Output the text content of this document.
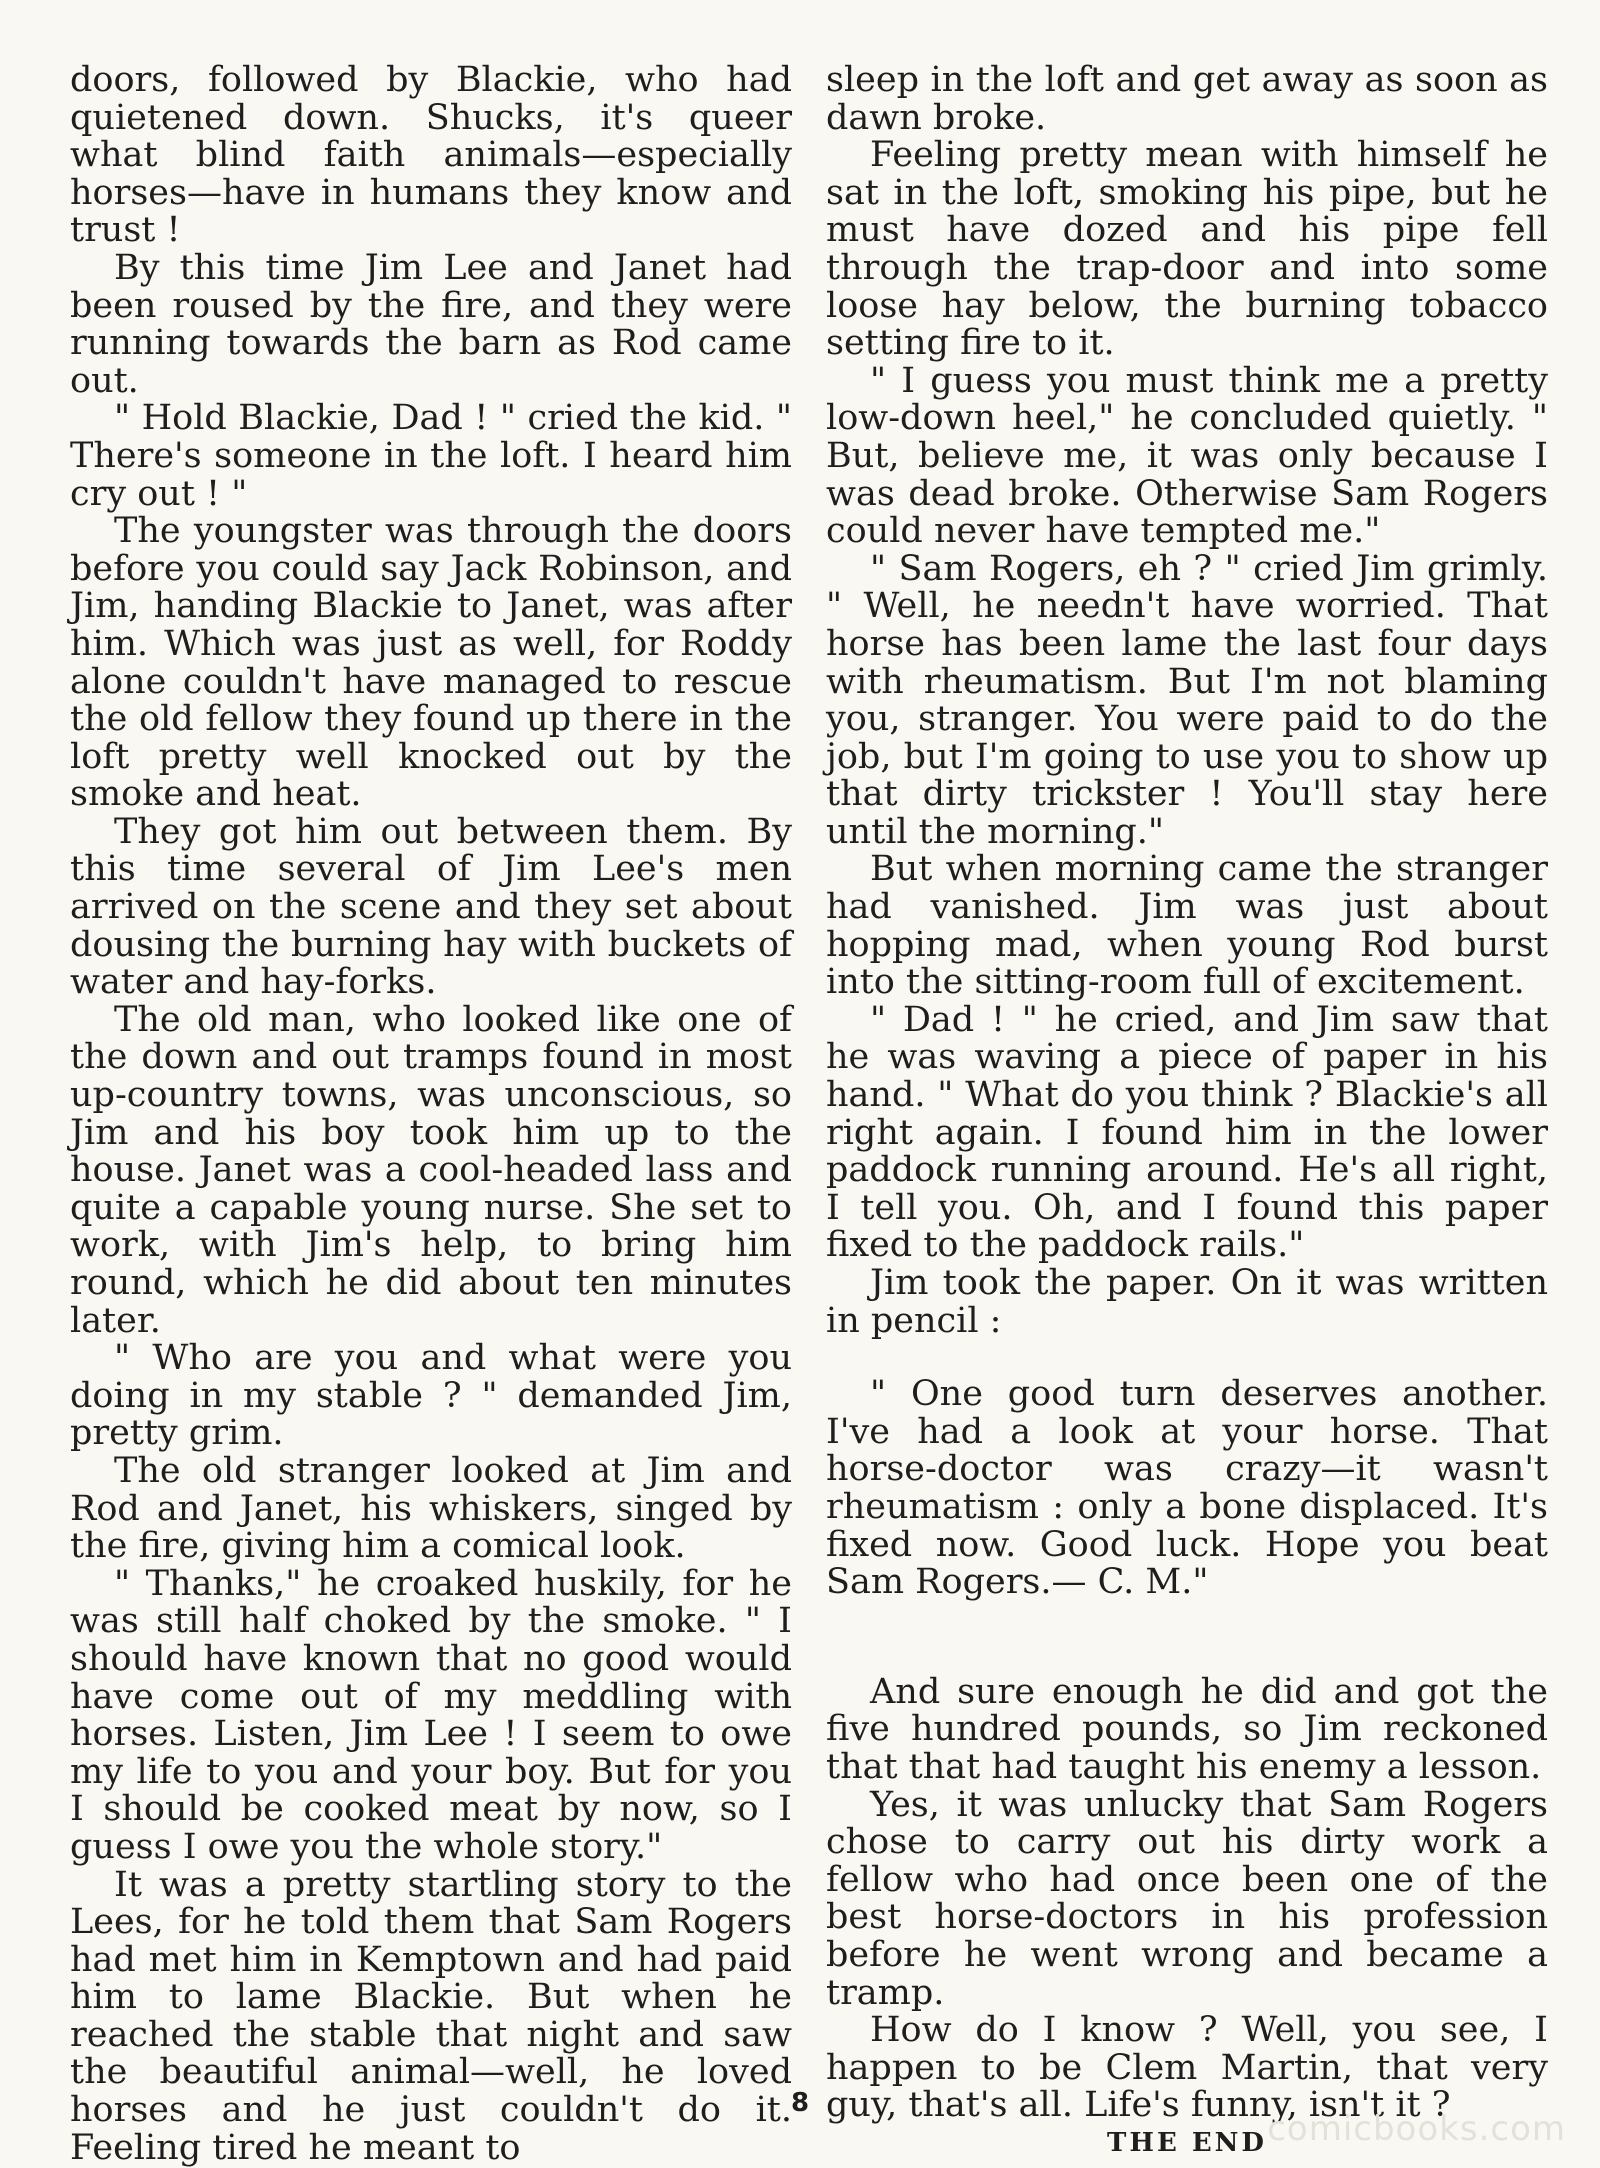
doors, followed by Blackie, who had quietened down. Shucks, it's queer what blind faith animals—especially horses—have in humans they know and trust !

By this time Jim Lee and Janet had been roused by the fire, and they were running towards the barn as Rod came out.

" Hold Blackie, Dad ! " cried the kid. " There's someone in the loft. I heard him cry out ! "

The youngster was through the doors before you could say Jack Robinson, and Jim, handing Blackie to Janet, was after him. Which was just as well, for Roddy alone couldn't have managed to rescue the old fellow they found up there in the loft pretty well knocked out by the smoke and heat.

They got him out between them. By this time several of Jim Lee's men arrived on the scene and they set about dousing the burning hay with buckets of water and hay-forks.

The old man, who looked like one of the down and out tramps found in most up-country towns, was unconscious, so Jim and his boy took him up to the house. Janet was a cool-headed lass and quite a capable young nurse. She set to work, with Jim's help, to bring him round, which he did about ten minutes later.

" Who are you and what were you doing in my stable ? " demanded Jim, pretty grim.

The old stranger looked at Jim and Rod and Janet, his whiskers, singed by the fire, giving him a comical look.

" Thanks," he croaked huskily, for he was still half choked by the smoke. " I should have known that no good would have come out of my meddling with horses. Listen, Jim Lee ! I seem to owe my life to you and your boy. But for you I should be cooked meat by now, so I guess I owe you the whole story."

It was a pretty startling story to the Lees, for he told them that Sam Rogers had met him in Kemptown and had paid him to lame Blackie. But when he reached the stable that night and saw the beautiful animal—well, he loved horses and he just couldn't do it. Feeling tired he meant to

sleep in the loft and get away as soon as dawn broke.

Feeling pretty mean with himself he sat in the loft, smoking his pipe, but he must have dozed and his pipe fell through the trap-door and into some loose hay below, the burning tobacco setting fire to it.

" I guess you must think me a pretty low-down heel," he concluded quietly. " But, believe me, it was only because I was dead broke. Otherwise Sam Rogers could never have tempted me."

" Sam Rogers, eh ? " cried Jim grimly. " Well, he needn't have worried. That horse has been lame the last four days with rheumatism. But I'm not blaming you, stranger. You were paid to do the job, but I'm going to use you to show up that dirty trickster ! You'll stay here until the morning."

But when morning came the stranger had vanished. Jim was just about hopping mad, when young Rod burst into the sitting-room full of excitement.

" Dad ! " he cried, and Jim saw that he was waving a piece of paper in his hand. " What do you think ? Blackie's all right again. I found him in the lower paddock running around. He's all right, I tell you. Oh, and I found this paper fixed to the paddock rails."

Jim took the paper. On it was written in pencil :

" One good turn deserves another. I've had a look at your horse. That horse-doctor was crazy—it wasn't rheumatism : only a bone displaced. It's fixed now. Good luck. Hope you beat Sam Rogers.— C. M."

And sure enough he did and got the five hundred pounds, so Jim reckoned that that had taught his enemy a lesson.

Yes, it was unlucky that Sam Rogers chose to carry out his dirty work a fellow who had once been one of the best horse-doctors in his profession before he went wrong and became a tramp.

How do I know ? Well, you see, I happen to be Clem Martin, that very guy, that's all. Life's funny, isn't it ?

THE END

8
comicbooks.com
